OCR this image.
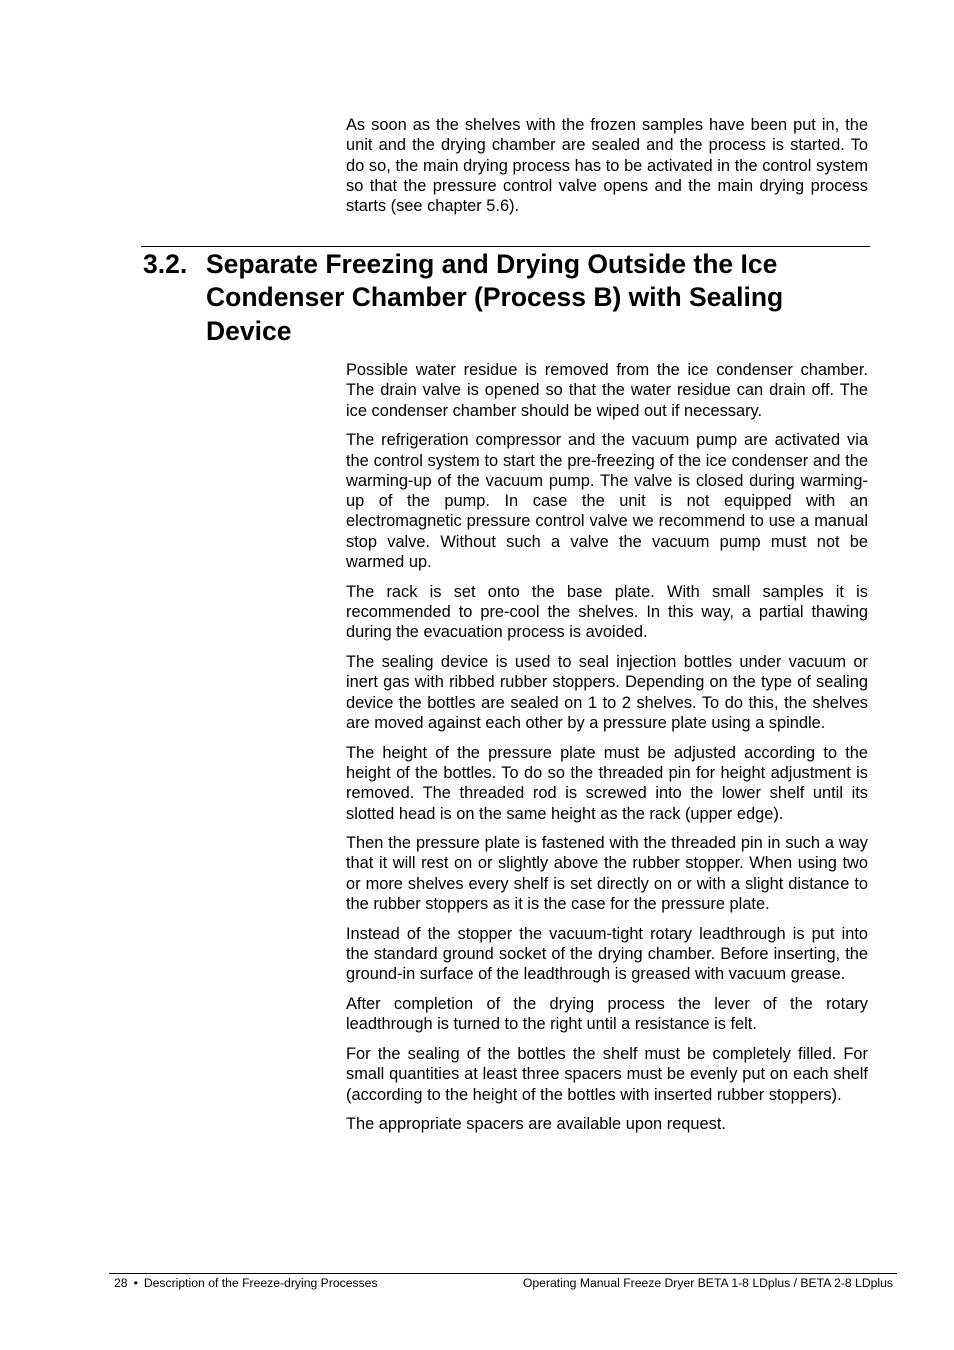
As soon as the shelves with the frozen samples have been put in, the unit and the drying chamber are sealed and the process is started. To do so, the main drying process has to be activated in the control system so that the pressure control valve opens and the main drying process starts (see chapter 5.6).

3.2. Separate Freezing and Drying Outside the Ice Condenser Chamber (Process B) with Sealing Device

Possible water residue is removed from the ice condenser chamber. The drain valve is opened so that the water residue can drain off. The ice condenser chamber should be wiped out if necessary.

The refrigeration compressor and the vacuum pump are activated via the control system to start the pre-freezing of the ice condenser and the warming-up of the vacuum pump. The valve is closed during warming-up of the pump. In case the unit is not equipped with an electromagnetic pressure control valve we recommend to use a manual stop valve. Without such a valve the vacuum pump must not be warmed up.

The rack is set onto the base plate. With small samples it is recommended to pre-cool the shelves. In this way, a partial thawing during the evacuation process is avoided.

The sealing device is used to seal injection bottles under vacuum or inert gas with ribbed rubber stoppers. Depending on the type of sealing device the bottles are sealed on 1 to 2 shelves. To do this, the shelves are moved against each other by a pressure plate using a spindle.

The height of the pressure plate must be adjusted according to the height of the bottles. To do so the threaded pin for height adjustment is removed. The threaded rod is screwed into the lower shelf until its slotted head is on the same height as the rack (upper edge).

Then the pressure plate is fastened with the threaded pin in such a way that it will rest on or slightly above the rubber stopper. When using two or more shelves every shelf is set directly on or with a slight distance to the rubber stoppers as it is the case for the pressure plate.

Instead of the stopper the vacuum-tight rotary leadthrough is put into the standard ground socket of the drying chamber. Before inserting, the ground-in surface of the leadthrough is greased with vacuum grease.

After completion of the drying process the lever of the rotary leadthrough is turned to the right until a resistance is felt.

For the sealing of the bottles the shelf must be completely filled. For small quantities at least three spacers must be evenly put on each shelf (according to the height of the bottles with inserted rubber stoppers).

The appropriate spacers are available upon request.

28 • Description of the Freeze-drying Processes	Operating Manual Freeze Dryer BETA 1-8 LDplus / BETA 2-8 LDplus
